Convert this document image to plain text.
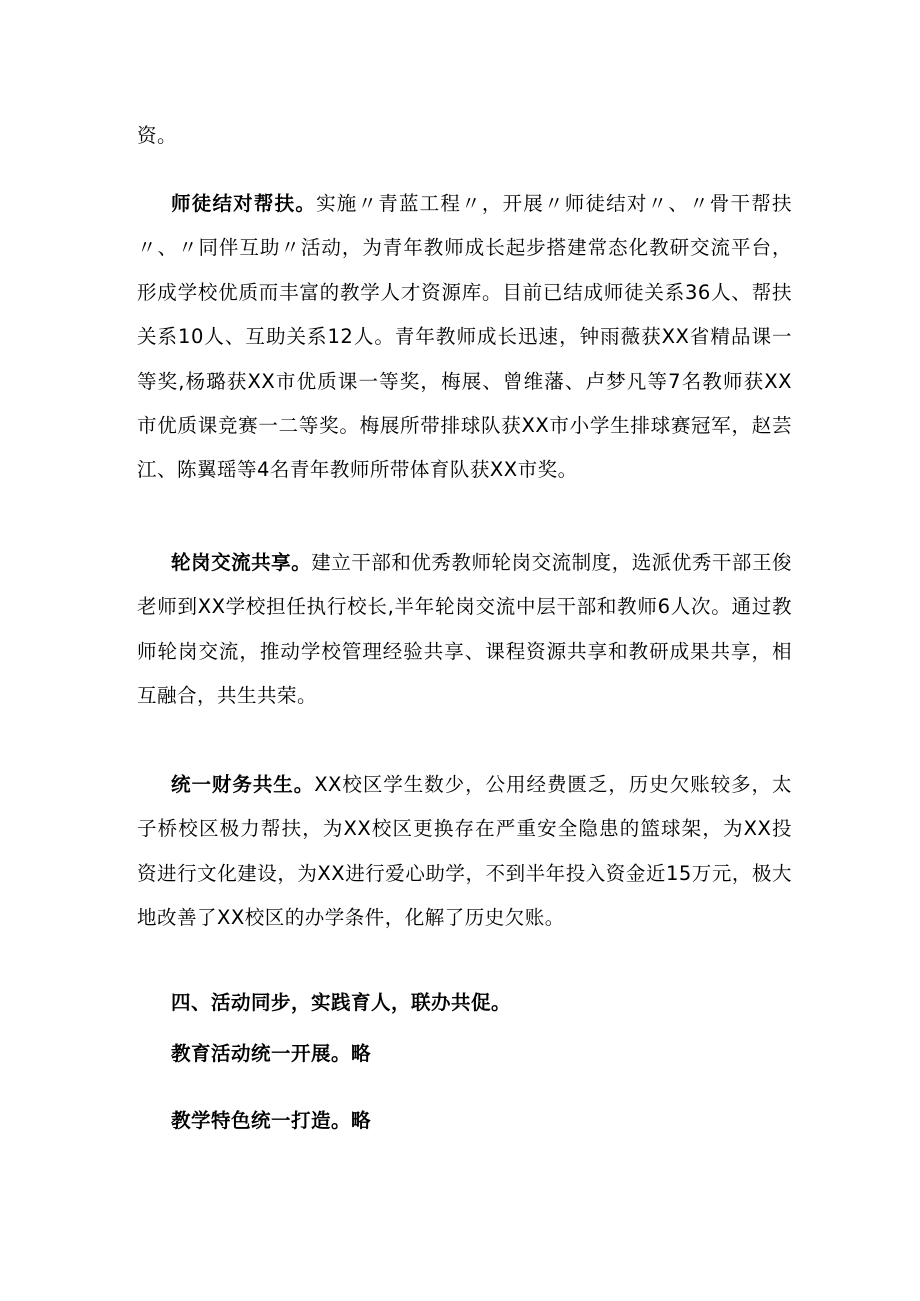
资。

师徒结对帮扶。实施〃青蓝工程〃，开展〃师徒结对〃、〃骨干帮扶〃、〃同伴互助〃活动，为青年教师成长起步搭建常态化教研交流平台，形成学校优质而丰富的教学人才资源库。目前已结成师徒关系36人、帮扶关系10人、互助关系12人。青年教师成长迅速，钟雨薇获XX省精品课一等奖,杨璐获XX市优质课一等奖，梅展、曾维藩、卢梦凡等7名教师获XX市优质课竞赛一二等奖。梅展所带排球队获XX市小学生排球赛冠军，赵芸江、陈翼瑶等4名青年教师所带体育队获XX市奖。

轮岗交流共享。建立干部和优秀教师轮岗交流制度，选派优秀干部王俊老师到XX学校担任执行校长,半年轮岗交流中层干部和教师6人次。通过教师轮岗交流，推动学校管理经验共享、课程资源共享和教研成果共享，相互融合，共生共荣。

统一财务共生。XX校区学生数少，公用经费匮乏，历史欠账较多，太子桥校区极力帮扶，为XX校区更换存在严重安全隐患的篮球架，为XX投资进行文化建设，为XX进行爱心助学，不到半年投入资金近15万元，极大地改善了XX校区的办学条件，化解了历史欠账。

四、活动同步，实践育人，联办共促。

教育活动统一开展。略

教学特色统一打造。略
